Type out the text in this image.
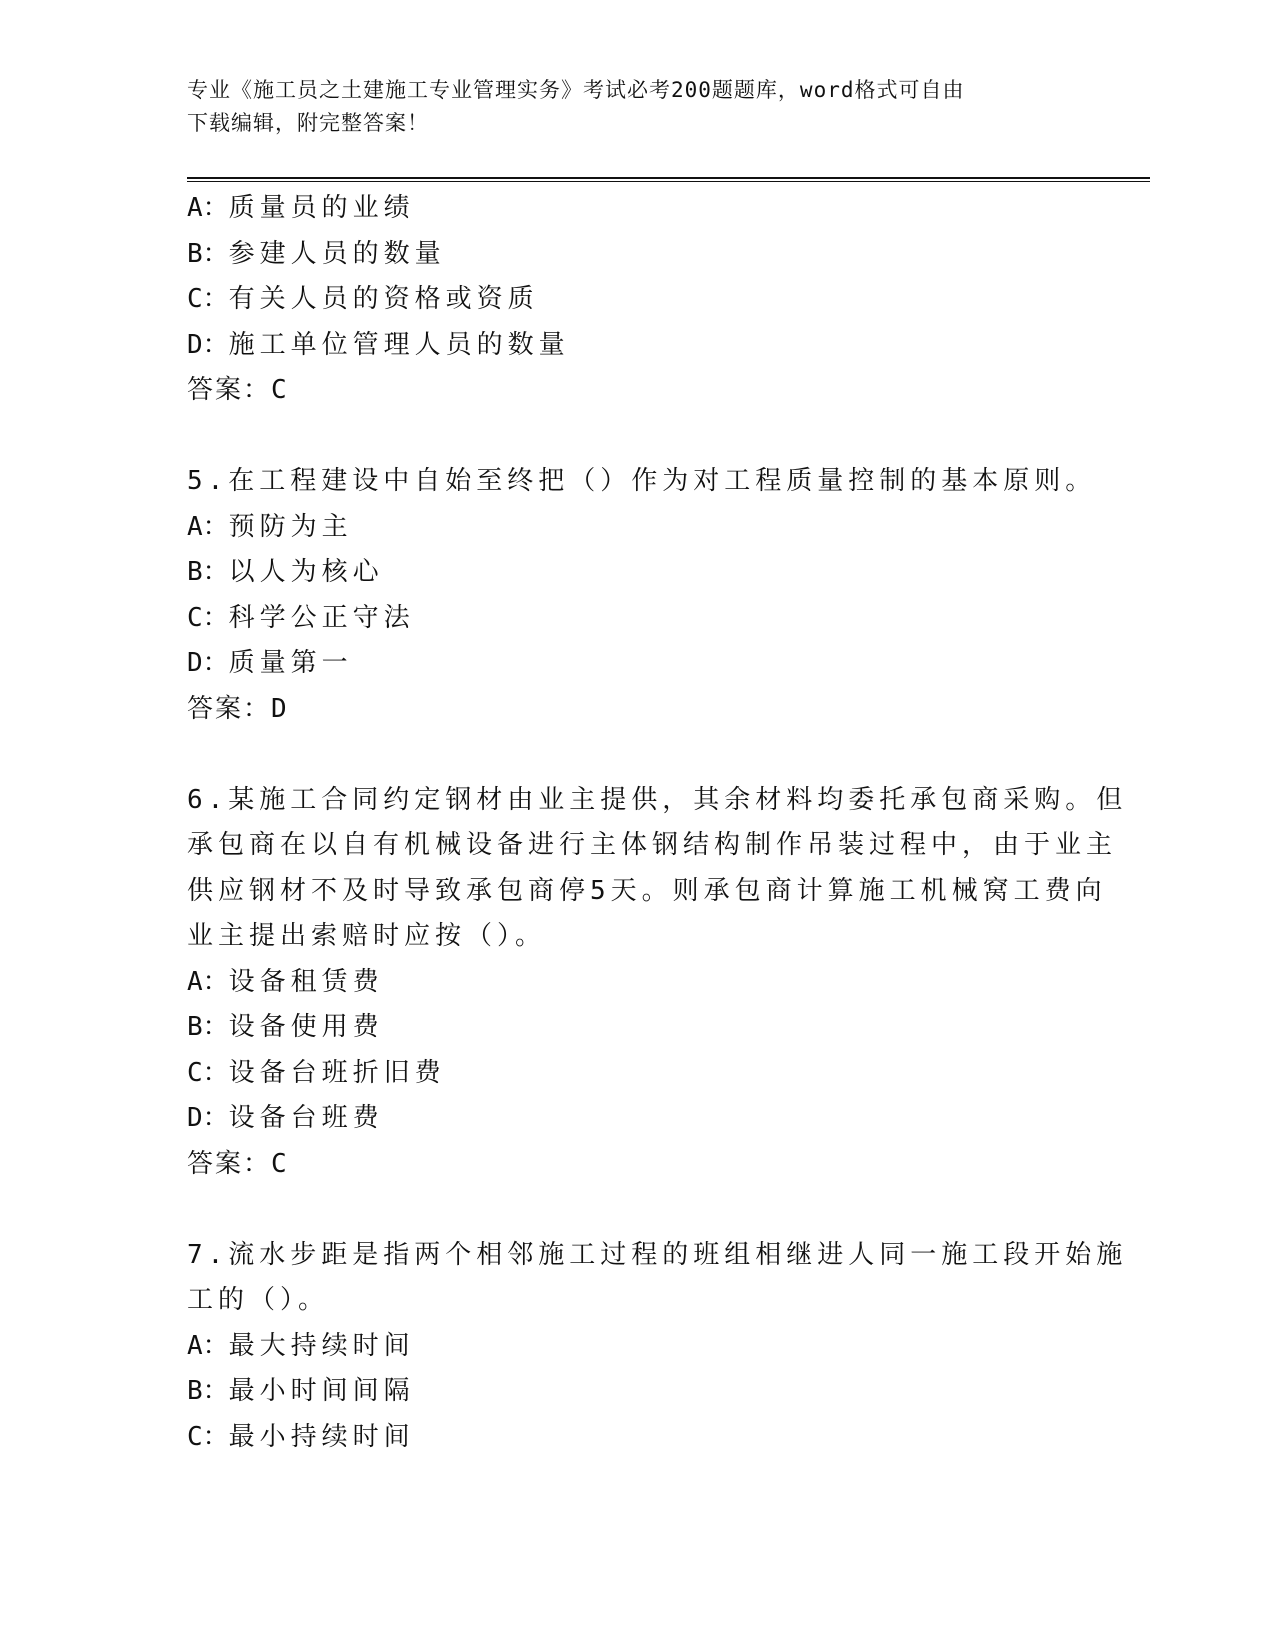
专业《施工员之土建施工专业管理实务》考试必考200题题库，word格式可自由
下载编辑，附完整答案！
A：质量员的业绩
B：参建人员的数量
C：有关人员的资格或资质
D：施工单位管理人员的数量
答案：C
5.在工程建设中自始至终把（）作为对工程质量控制的基本原则。
A：预防为主
B：以人为核心
C：科学公正守法
D：质量第一
答案：D
6.某施工合同约定钢材由业主提供，其余材料均委托承包商采购。但
承包商在以自有机械设备进行主体钢结构制作吊装过程中，由于业主
供应钢材不及时导致承包商停5天。则承包商计算施工机械窝工费向
业主提出索赔时应按（）。
A：设备租赁费
B：设备使用费
C：设备台班折旧费
D：设备台班费
答案：C
7.流水步距是指两个相邻施工过程的班组相继进人同一施工段开始施
工的（）。
A：最大持续时间
B：最小时间间隔
C：最小持续时间
